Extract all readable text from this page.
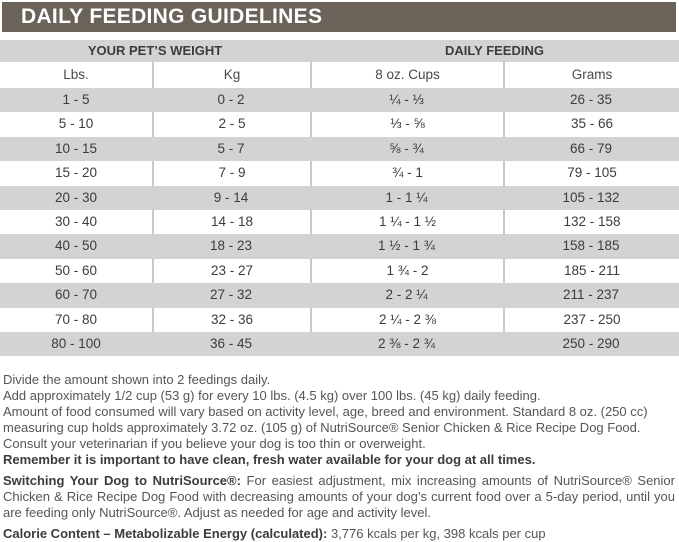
DAILY FEEDING GUIDELINES
YOUR PET’S WEIGHT	DAILY FEEDING
Lbs.	Kg	8 oz. Cups	Grams
1 - 5	0 - 2	¼ - ⅓	26 - 35
5 - 10	2 - 5	⅓ - ⅝	35 - 66
10 - 15	5 - 7	⅝ - ¾	66 - 79
15 - 20	7 - 9	¾ - 1	79 - 105
20 - 30	9 - 14	1 - 1 ¼	105 - 132
30 - 40	14 - 18	1 ¼ - 1 ½	132 - 158
40 - 50	18 - 23	1 ½ - 1 ¾	158 - 185
50 - 60	23 - 27	1 ¾ - 2	185 - 211
60 - 70	27 - 32	2 - 2 ¼	211 - 237
70 - 80	32 - 36	2 ¼ - 2 ⅜	237 - 250
80 - 100	36 - 45	2 ⅜ - 2 ¾	250 - 290

Divide the amount shown into 2 feedings daily.

Add approximately 1/2 cup (53 g) for every 10 lbs. (4.5 kg) over 100 lbs. (45 kg) daily feeding.

Amount of food consumed will vary based on activity level, age, breed and environment. Standard 8 oz. (250 cc) measuring cup holds approximately 3.72 oz. (105 g) of NutriSource® Senior Chicken & Rice Recipe Dog Food. Consult your veterinarian if you believe your dog is too thin or overweight.

Remember it is important to have clean, fresh water available for your dog at all times.

Switching Your Dog to NutriSource®: For easiest adjustment, mix increasing amounts of NutriSource® Senior Chicken & Rice Recipe Dog Food with decreasing amounts of your dog’s current food over a 5-day period, until you are feeding only NutriSource®. Adjust as needed for age and activity level.

Calorie Content – Metabolizable Energy (calculated): 3,776 kcals per kg, 398 kcals per cup
